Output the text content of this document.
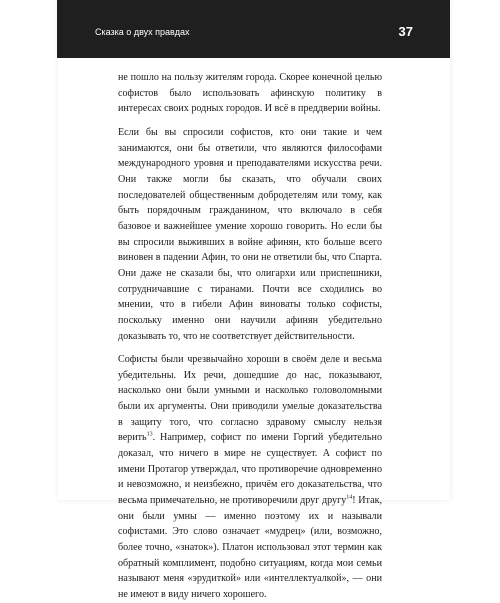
Сказка о двух правдах	37

не пошло на пользу жителям города. Скорее конечной целью софистов было использовать афинскую политику в интересах своих родных городов. И всё в преддверии войны.

Если бы вы спросили софистов, кто они такие и чем занимаются, они бы ответили, что являются философами международного уровня и преподавателями искусства речи. Они также могли бы сказать, что обучали своих последователей общественным добродетелям или тому, как быть порядочным гражданином, что включало в себя базовое и важнейшее умение хорошо говорить. Но если бы вы спросили выживших в войне афинян, кто больше всего виновен в падении Афин, то они не ответили бы, что Спарта. Они даже не сказали бы, что олигархи или приспешники, сотрудничавшие с тиранами. Почти все сходились во мнении, что в гибели Афин виноваты только софисты, поскольку именно они научили афинян убедительно доказывать то, что не соответствует действительности.

Софисты были чрезвычайно хороши в своём деле и весьма убедительны. Их речи, дошедшие до нас, показывают, насколько они были умными и насколько головоломными были их аргументы. Они приводили умелые доказательства в защиту того, что согласно здравому смыслу нельзя верить$^{13}$. Например, софист по имени Горгий убедительно доказал, что ничего в мире не существует. А софист по имени Протагор утверждал, что противоречие одновременно и невозможно, и неизбежно, причём его доказательства, что весьма примечательно, не противоречили друг другу$^{14}$! Итак, они были умны — именно поэтому их и называли софистами. Это слово означает «мудрец» (или, возможно, более точно, «знаток»). Платон использовал этот термин как обратный комплимент, подобно ситуациям, когда мои семьи называют меня «эрудиткой» или «интеллектуалкой», — они не имеют в виду ничего хорошего.
